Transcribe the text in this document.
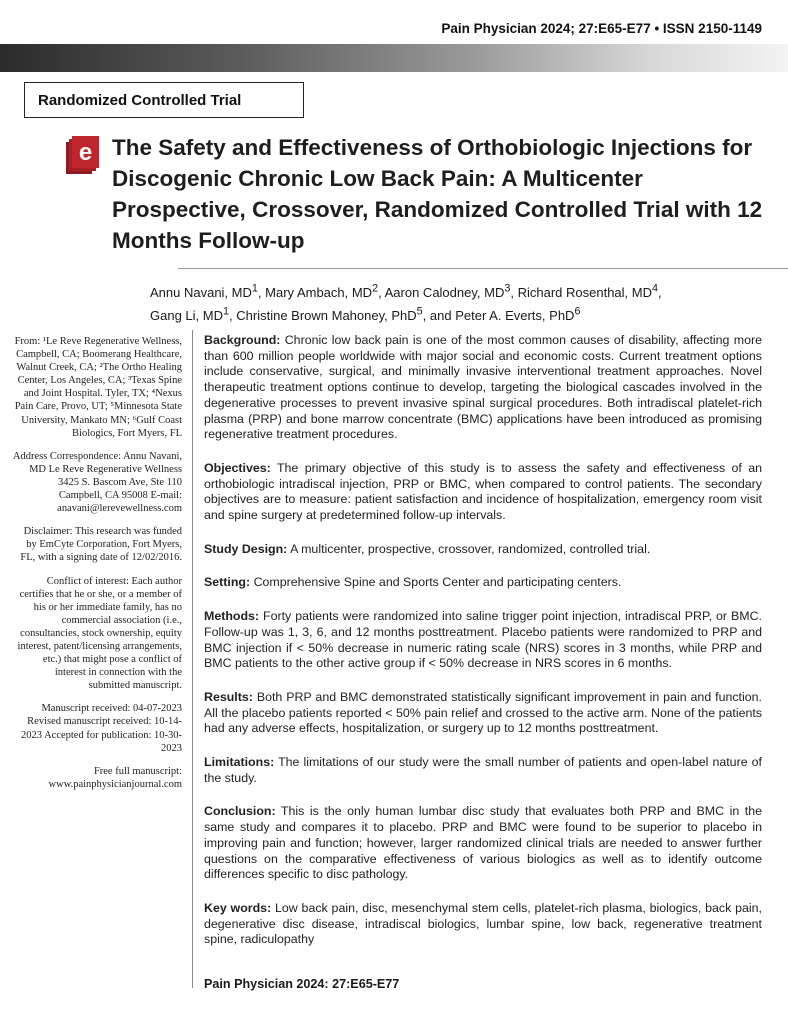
Pain Physician 2024; 27:E65-E77 • ISSN 2150-1149
Randomized Controlled Trial
e The Safety and Effectiveness of Orthobiologic Injections for Discogenic Chronic Low Back Pain: A Multicenter Prospective, Crossover, Randomized Controlled Trial with 12 Months Follow-up

Annu Navani, $MD^1$, Mary Ambach, $MD^2$, Aaron Calodney, $MD^3$, Richard Rosenthal, $MD^4$,
Gang Li, $MD^1$, Christine Brown Mahoney, PhD$^5$, and Peter A. Everts, PhD$^6$

From: ¹Le Reve Regenerative Wellness, Campbell, CA; Boomerang Healthcare, Walnut Creek, CA; ²The Ortho Healing Center, Los Angeles, CA; ³Texas Spine and Joint Hospital. Tyler, TX; ⁴Nexus Pain Care, Provo, UT; ⁵Minnesota State University, Mankato MN; ⁶Gulf Coast Biologics, Fort Myers, FL

Address Correspondence: Annu Navani, MD Le Reve Regenerative Wellness 3425 S. Bascom Ave, Ste 110 Campbell, CA 95008 E-mail: anavani@lerevewellness.com

Disclaimer: This research was funded by EmCyte Corporation, Fort Myers, FL, with a signing date of 12/02/2016.

Conflict of interest: Each author certifies that he or she, or a member of his or her immediate family, has no commercial association (i.e., consultancies, stock ownership, equity interest, patent/licensing arrangements, etc.) that might pose a conflict of interest in connection with the submitted manuscript.

Manuscript received: 04-07-2023 Revised manuscript received: 10-14-2023 Accepted for publication: 10-30-2023

Free full manuscript: www.painphysicianjournal.com

Background: Chronic low back pain is one of the most common causes of disability, affecting more than 600 million people worldwide with major social and economic costs. Current treatment options include conservative, surgical, and minimally invasive interventional treatment approaches. Novel therapeutic treatment options continue to develop, targeting the biological cascades involved in the degenerative processes to prevent invasive spinal surgical procedures. Both intradiscal platelet-rich plasma (PRP) and bone marrow concentrate (BMC) applications have been introduced as promising regenerative treatment procedures.

Objectives: The primary objective of this study is to assess the safety and effectiveness of an orthobiologic intradiscal injection, PRP or BMC, when compared to control patients. The secondary objectives are to measure: patient satisfaction and incidence of hospitalization, emergency room visit and spine surgery at predetermined follow-up intervals.

Study Design: A multicenter, prospective, crossover, randomized, controlled trial.

Setting: Comprehensive Spine and Sports Center and participating centers.

Methods: Forty patients were randomized into saline trigger point injection, intradiscal PRP, or BMC. Follow-up was 1, 3, 6, and 12 months posttreatment. Placebo patients were randomized to PRP and BMC injection if < 50% decrease in numeric rating scale (NRS) scores in 3 months, while PRP and BMC patients to the other active group if < 50% decrease in NRS scores in 6 months.

Results: Both PRP and BMC demonstrated statistically significant improvement in pain and function. All the placebo patients reported < 50% pain relief and crossed to the active arm. None of the patients had any adverse effects, hospitalization, or surgery up to 12 months posttreatment.

Limitations: The limitations of our study were the small number of patients and open-label nature of the study.

Conclusion: This is the only human lumbar disc study that evaluates both PRP and BMC in the same study and compares it to placebo. PRP and BMC were found to be superior to placebo in improving pain and function; however, larger randomized clinical trials are needed to answer further questions on the comparative effectiveness of various biologics as well as to identify outcome differences specific to disc pathology.

Key words: Low back pain, disc, mesenchymal stem cells, platelet-rich plasma, biologics, back pain, degenerative disc disease, intradiscal biologics, lumbar spine, low back, regenerative treatment spine, radiculopathy

Pain Physician 2024: 27:E65-E77
